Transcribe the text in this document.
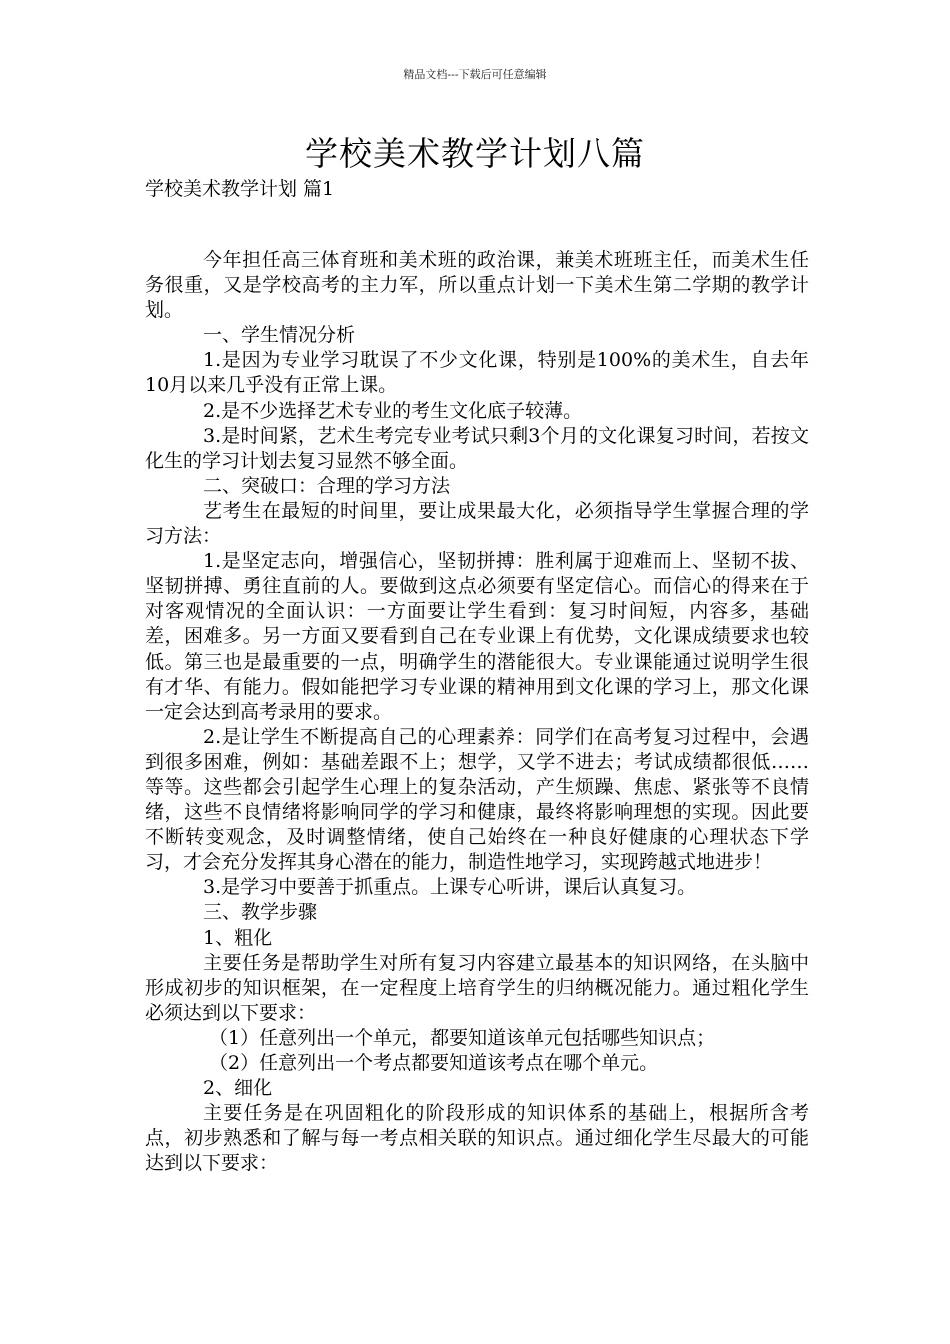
精品文档---下载后可任意编辑
学校美术教学计划八篇
学校美术教学计划 篇1

今年担任高三体育班和美术班的政治课，兼美术班班主任，而美术生任务很重，又是学校高考的主力军，所以重点计划一下美术生第二学期的教学计划。

一、学生情况分析

1.是因为专业学习耽误了不少文化课，特别是100%的美术生，自去年10月以来几乎没有正常上课。

2.是不少选择艺术专业的考生文化底子较薄。

3.是时间紧，艺术生考完专业考试只剩3个月的文化课复习时间，若按文化生的学习计划去复习显然不够全面。

二、突破口：合理的学习方法

艺考生在最短的时间里，要让成果最大化，必须指导学生掌握合理的学习方法：

1.是坚定志向，增强信心，坚韧拼搏：胜利属于迎难而上、坚韧不拔、坚韧拼搏、勇往直前的人。要做到这点必须要有坚定信心。而信心的得来在于对客观情况的全面认识：一方面要让学生看到：复习时间短，内容多，基础差，困难多。另一方面又要看到自己在专业课上有优势，文化课成绩要求也较低。第三也是最重要的一点，明确学生的潜能很大。专业课能通过说明学生很有才华、有能力。假如能把学习专业课的精神用到文化课的学习上，那文化课一定会达到高考录用的要求。

2.是让学生不断提高自己的心理素养：同学们在高考复习过程中，会遇到很多困难，例如：基础差跟不上；想学，又学不进去；考试成绩都很低……等等。这些都会引起学生心理上的复杂活动，产生烦躁、焦虑、紧张等不良情绪，这些不良情绪将影响同学的学习和健康，最终将影响理想的实现。因此要不断转变观念，及时调整情绪，使自己始终在一种良好健康的心理状态下学习，才会充分发挥其身心潜在的能力，制造性地学习，实现跨越式地进步！

3.是学习中要善于抓重点。上课专心听讲，课后认真复习。

三、教学步骤

1、粗化

主要任务是帮助学生对所有复习内容建立最基本的知识网络，在头脑中形成初步的知识框架，在一定程度上培育学生的归纳概况能力。通过粗化学生必须达到以下要求：

（1）任意列出一个单元，都要知道该单元包括哪些知识点；

（2）任意列出一个考点都要知道该考点在哪个单元。

2、细化

主要任务是在巩固粗化的阶段形成的知识体系的基础上，根据所含考点，初步熟悉和了解与每一考点相关联的知识点。通过细化学生尽最大的可能达到以下要求：
